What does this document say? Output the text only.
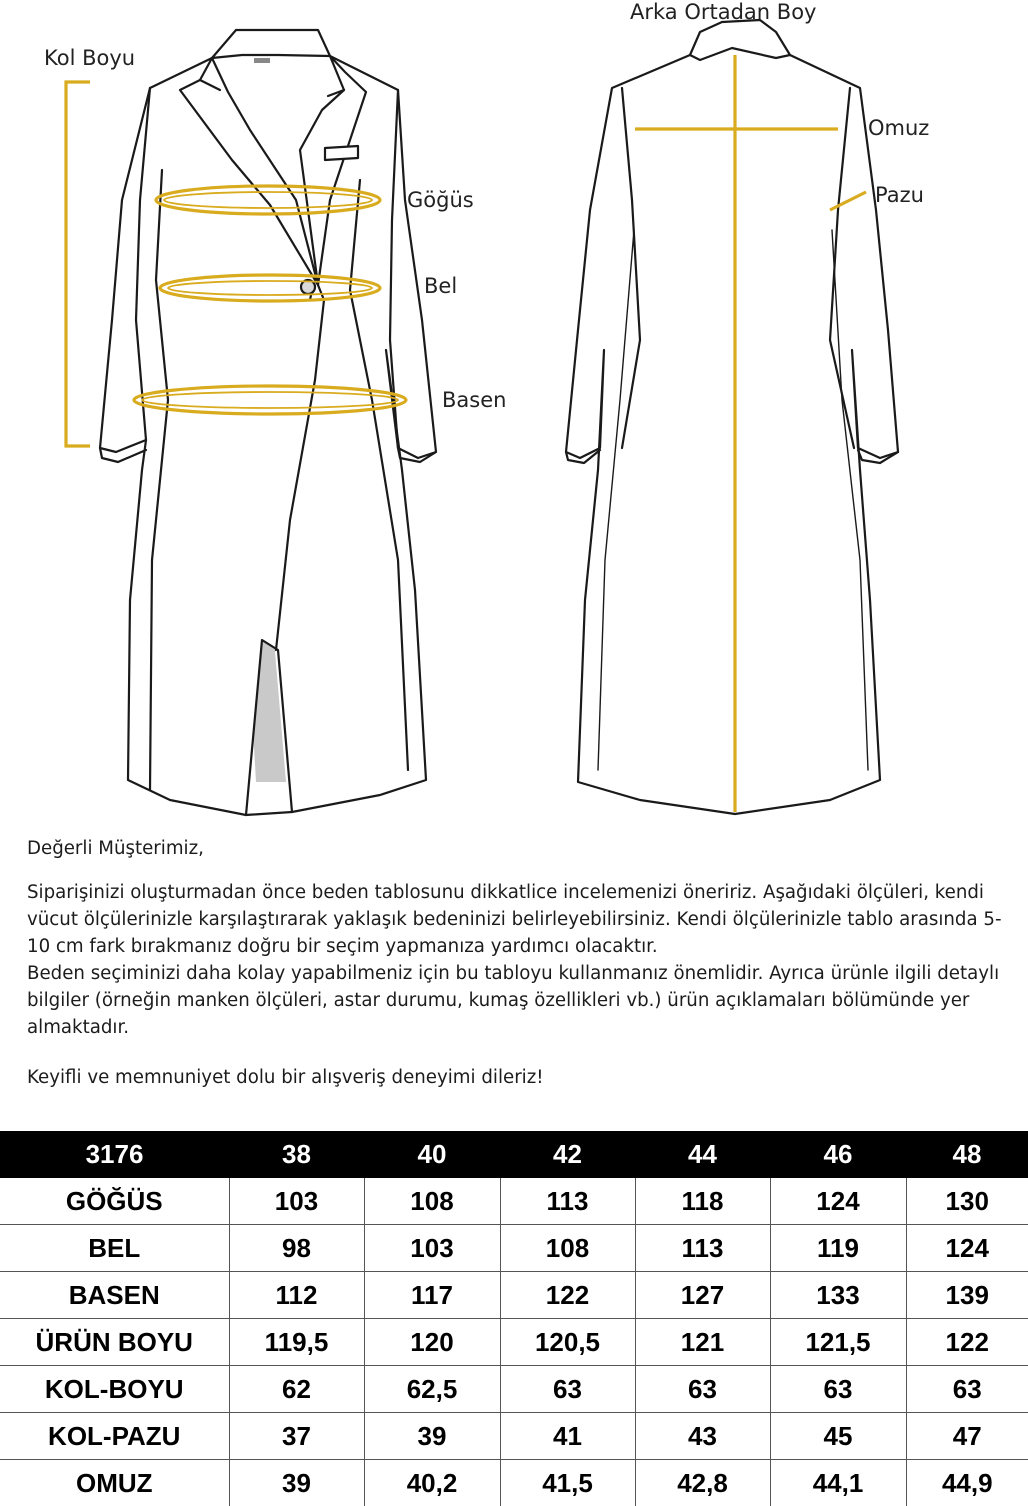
Kol Boyu
Arka Ortadan Boy
Göğüs
Bel
Basen
Omuz
Pazu

Değerli Müşterimiz,

Siparişinizi oluşturmadan önce beden tablosunu dikkatlice incelemenizi öneririz. Aşağıdaki ölçüleri, kendi vücut ölçülerinizle karşılaştırarak yaklaşık bedeninizi belirleyebilirsiniz. Kendi ölçülerinizle tablo arasında 5-10 cm fark bırakmanız doğru bir seçim yapmanıza yardımcı olacaktır.

Beden seçiminizi daha kolay yapabilmeniz için bu tabloyu kullanmanız önemlidir. Ayrıca ürünle ilgili detaylı bilgiler (örneğin manken ölçüleri, astar durumu, kumaş özellikleri vb.) ürün açıklamaları bölümünde yer almaktadır.

Keyifli ve memnuniyet dolu bir alışveriş deneyimi dileriz!

3176	38	40	42	44	46	48
GÖĞÜS	103	108	113	118	124	130
BEL	98	103	108	113	119	124
BASEN	112	117	122	127	133	139
ÜRÜN BOYU	119,5	120	120,5	121	121,5	122
KOL-BOYU	62	62,5	63	63	63	63
KOL-PAZU	37	39	41	43	45	47
OMUZ	39	40,2	41,5	42,8	44,1	44,9
